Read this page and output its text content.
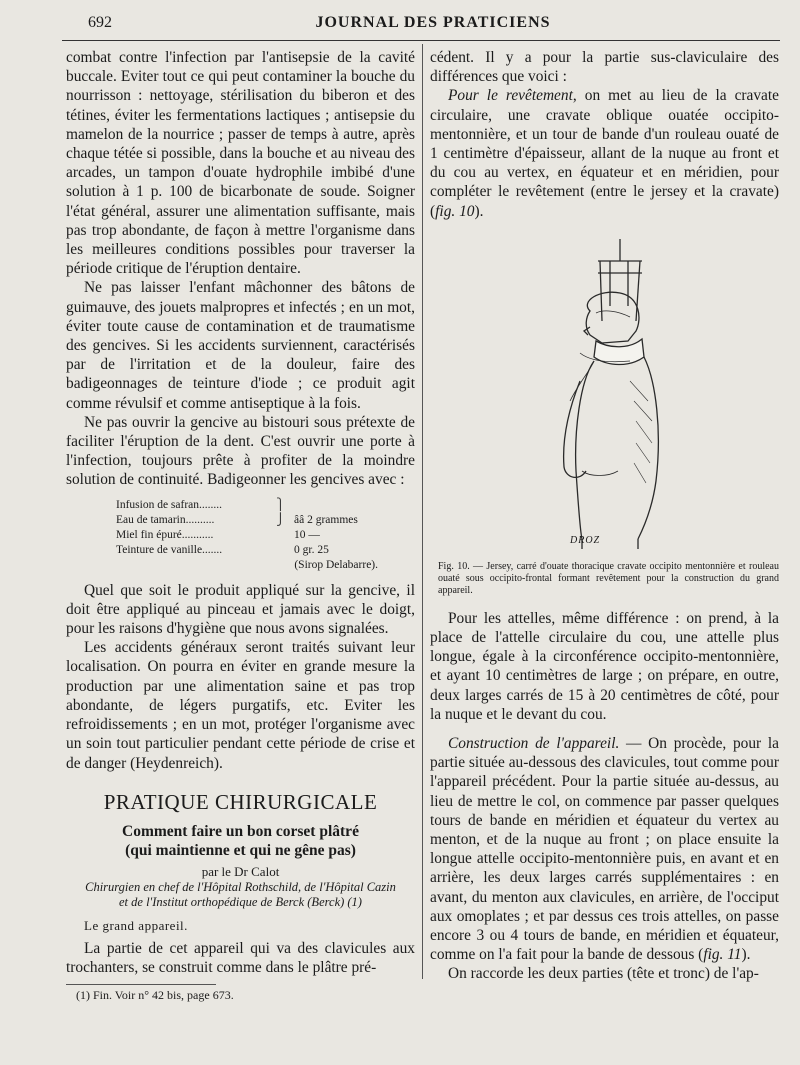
692	JOURNAL DES PRATICIENS

combat contre l'infection par l'antisepsie de la cavité buccale. Eviter tout ce qui peut contaminer la bouche du nourrisson : nettoyage, stérilisation du biberon et des tétines, éviter les fermentations lactiques ; antisepsie du mamelon de la nourrice ; passer de temps à autre, après chaque tétée si possible, dans la bouche et au niveau des arcades, un tampon d'ouate hydrophile imbibé d'une solution à 1 p. 100 de bicarbonate de soude. Soigner l'état général, assurer une alimentation suffisante, mais pas trop abondante, de façon à mettre l'organisme dans les meilleures conditions possibles pour traverser la période critique de l'éruption dentaire.

Ne pas laisser l'enfant mâchonner des bâtons de guimauve, des jouets malpropres et infectés ; en un mot, éviter toute cause de contamination et de traumatisme des gencives. Si les accidents surviennent, caractérisés par de l'irritation et de la douleur, faire des badigeonnages de teinture d'iode ; ce produit agit comme révulsif et comme antiseptique à la fois.

Ne pas ouvrir la gencive au bistouri sous prétexte de faciliter l'éruption de la dent. C'est ouvrir une porte à l'infection, toujours prête à profiter de la moindre solution de continuité. Badigeonner les gencives avec :

Infusion de safran........	⎫
Eau de tamarin..........	⎭ ââ 2 grammes
Miel fin épuré...........	10 —
Teinture de vanille.......	0 gr. 25
(Sirop Delabarre).

Quel que soit le produit appliqué sur la gencive, il doit être appliqué au pinceau et jamais avec le doigt, pour les raisons d'hygiène que nous avons signalées.

Les accidents généraux seront traités suivant leur localisation. On pourra en éviter en grande mesure la production par une alimentation saine et pas trop abondante, de légers purgatifs, etc. Eviter les refroidissements ; en un mot, protéger l'organisme avec un soin tout particulier pendant cette période de crise et de danger (Heydenreich).

PRATIQUE CHIRURGICALE
Comment faire un bon corset plâtré
(qui maintienne et qui ne gêne pas)
par le Dr Calot
Chirurgien en chef de l'Hôpital Rothschild, de l'Hôpital Cazin
et de l'Institut orthopédique de Berck (Berck) (1)
Le grand appareil.

La partie de cet appareil qui va des clavicules aux trochanters, se construit comme dans le plâtre pré-

(1) Fin. Voir n° 42 bis, page 673.

cédent. Il y a pour la partie sus-claviculaire des différences que voici :

Pour le revêtement, on met au lieu de la cravate circulaire, une cravate oblique ouatée occipito-mentonnière, et un tour de bande d'un rouleau ouaté de 1 centimètre d'épaisseur, allant de la nuque au front et du cou au vertex, en équateur et en méridien, pour compléter le revêtement (entre le jersey et la cravate) (fig. 10).

DROZ
Fig. 10. — Jersey, carré d'ouate thoracique cravate occipito mentonnière et rouleau ouaté sous occipito-frontal formant revêtement pour la construction du grand appareil.

Pour les attelles, même différence : on prend, à la place de l'attelle circulaire du cou, une attelle plus longue, égale à la circonférence occipito-mentonnière, et ayant 10 centimètres de large ; on prépare, en outre, deux larges carrés de 15 à 20 centimètres de côté, pour la nuque et le devant du cou.

Construction de l'appareil. — On procède, pour la partie située au-dessous des clavicules, tout comme pour l'appareil précédent. Pour la partie située au-dessus, au lieu de mettre le col, on commence par passer quelques tours de bande en méridien et équateur du vertex au menton, et de la nuque au front ; on place ensuite la longue attelle occipito-mentonnière puis, en avant et en arrière, les deux larges carrés supplémentaires : en avant, du menton aux clavicules, en arrière, de l'occiput aux omoplates ; et par dessus ces trois attelles, on passe encore 3 ou 4 tours de bande, en méridien et équateur, comme on l'a fait pour la bande de dessous (fig. 11).

On raccorde les deux parties (tête et tronc) de l'ap-
